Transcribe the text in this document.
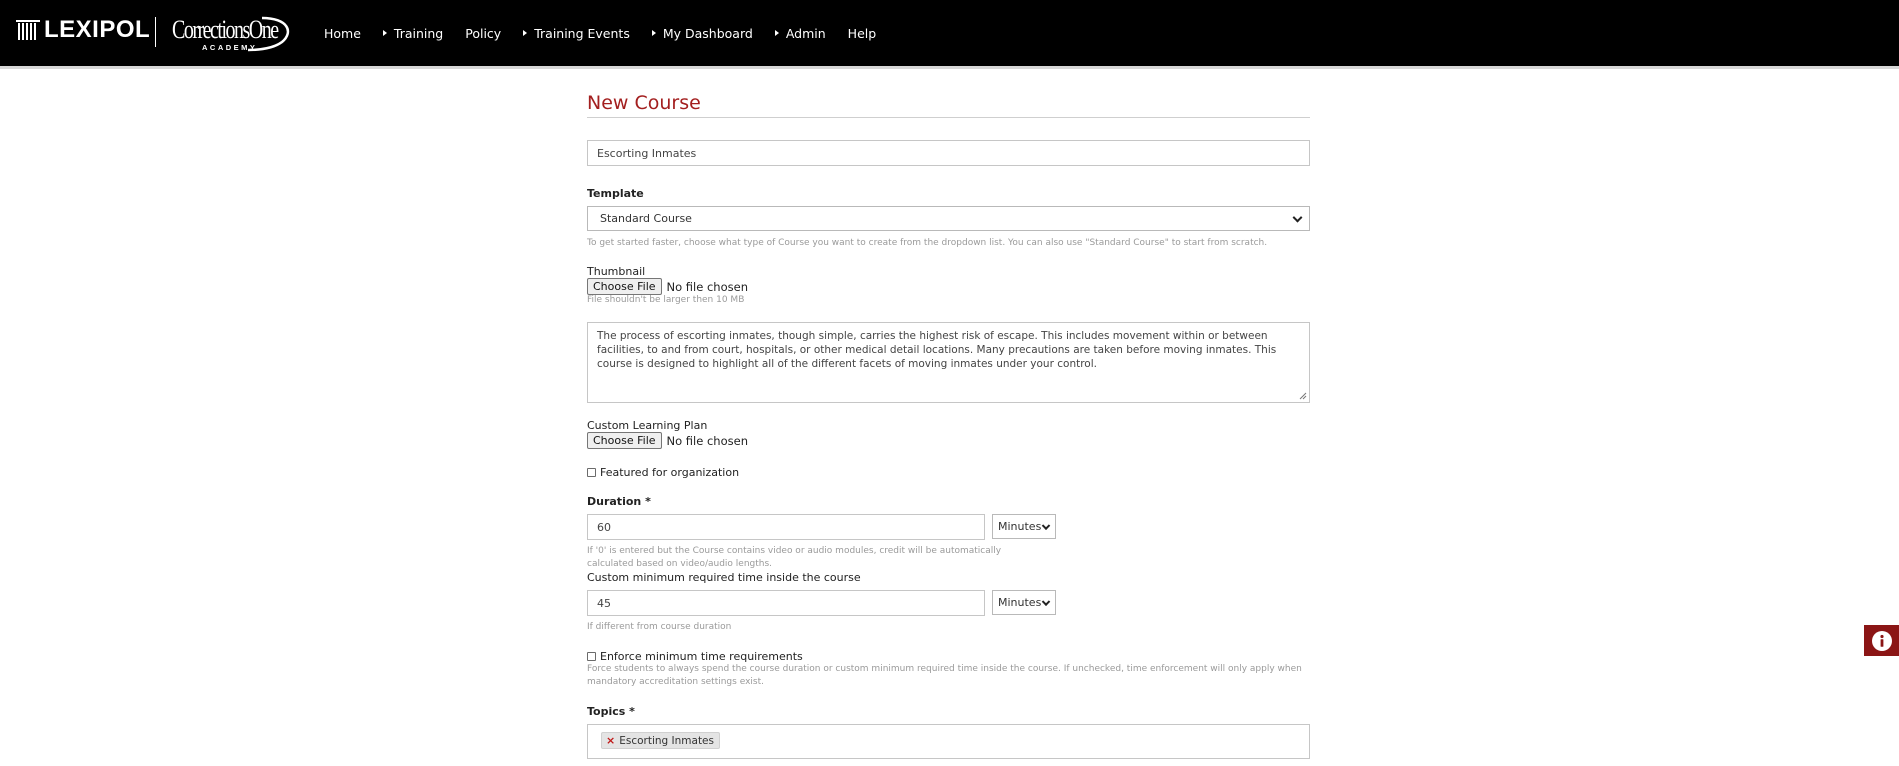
LEXIPOL CorrectionsOne
ACADEMY
Home	Training Policy	Training Events	My Dashboard	Admin Help
New Course
Escorting Inmates
Template
Standard Course
To get started faster, choose what type of Course you want to create from the dropdown list. You can also use "Standard Course" to start from scratch.
Thumbnail
Choose File No file chosen
File shouldn't be larger then 10 MB
The process of escorting inmates, though simple, carries the highest risk of escape. This includes movement within or between facilities, to and from court, hospitals, or other medical detail locations. Many precautions are taken before moving inmates. This course is designed to highlight all of the different facets of moving inmates under your control.
Custom Learning Plan
Choose File No file chosen
Featured for organization
Duration *
60	Minutes
If '0' is entered but the Course contains video or audio modules, credit will be automatically calculated based on video/audio lengths.
Custom minimum required time inside the course
45	Minutes
If different from course duration
Enforce minimum time requirements
Force students to always spend the course duration or custom minimum required time inside the course. If unchecked, time enforcement will only apply when mandatory accreditation settings exist.
Topics *
× Escorting Inmates
